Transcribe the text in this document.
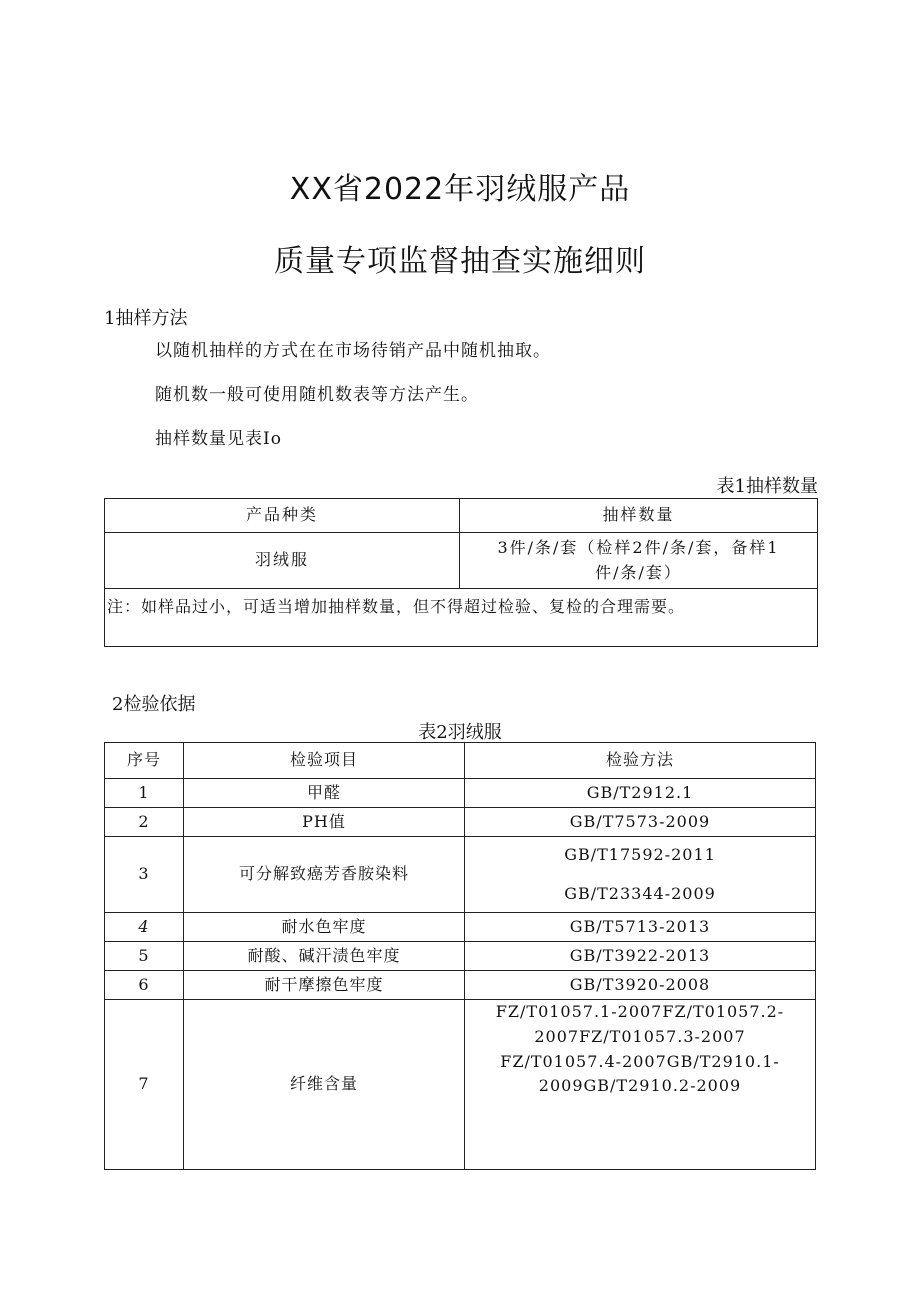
XX省2022年羽绒服产品
质量专项监督抽查实施细则
1抽样方法
以随机抽样的方式在在市场待销产品中随机抽取。
随机数一般可使用随机数表等方法产生。
抽样数量见表Io
表1抽样数量
产品种类	抽样数量
羽绒服	3件/条/套（检样2件/条/套，备样1
件/条/套）

注：如样品过小，可适当增加抽样数量，但不得超过检验、复检的合理需要。	
2检验依据
表2羽绒服
序号	检验项目	检验方法
1	甲醛	GB/T2912.1
2	PH值	GB/T7573-2009
3	可分解致癌芳香胺染料	GB/T17592-2011
GB/T23344-2009

4	耐水色牢度	GB/T5713-2013
5	耐酸、碱汗渍色牢度	GB/T3922-2013
6	耐干摩擦色牢度	GB/T3920-2008
7	纤维含量	FZ/T01057.1-2007FZ/T01057.2-
2007FZ/T01057.3-2007
FZ/T01057.4-2007GB/T2910.1-
2009GB/T2910.2-2009
